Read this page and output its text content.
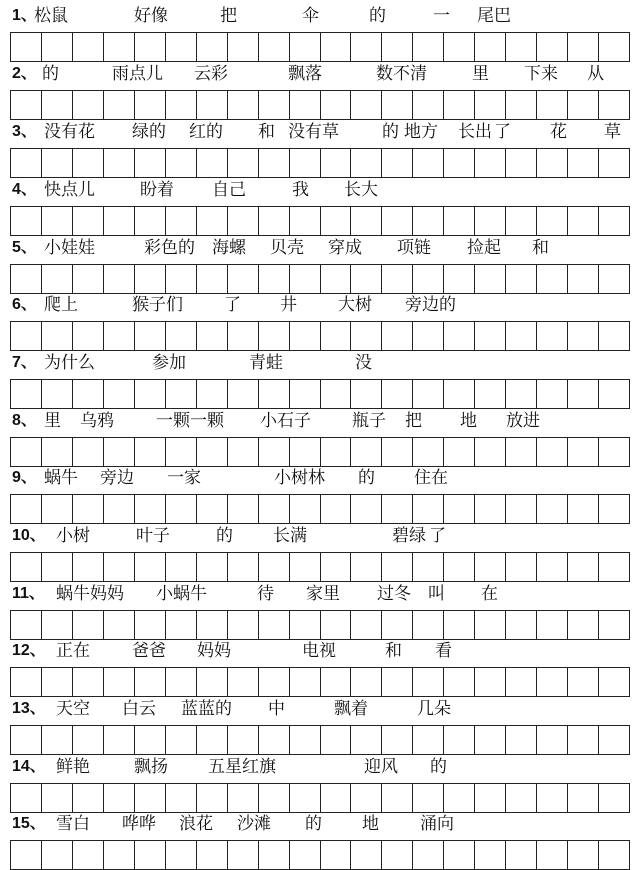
1、
松鼠	好像	把	伞	的	一 尾巴
2、 的	雨点儿 云彩	飘落	数不清	里 下来 从
3、 没有花 绿的 红的 和 没有草	的 地方 长出 了 花 草
4、 快点儿	盼着 自己	我 长大
5、 小娃娃	彩色的 海螺 贝壳 穿成 项链 捡起 和
6、 爬上	猴子们 了 井 大树 旁边的
7、 为什么	参加	青蛙	没
8、 里 乌鸦 一颗一颗 小石子 瓶子 把 地 放进
9、 蜗牛 旁边 一家	小树林 的 住在
10、 小树	叶子	的 长满	碧绿 了
11、 蜗牛妈妈 小蜗牛	待 家里 过冬 叫 在
12、 正在 爸爸 妈妈	电视	和 看
13、 天空 白云 蓝蓝的 中	飘着	几朵
14、 鲜艳	飘扬 五星红旗	迎风 的
15、 雪白 哗哗 浪花 沙滩 的 地 涌向
